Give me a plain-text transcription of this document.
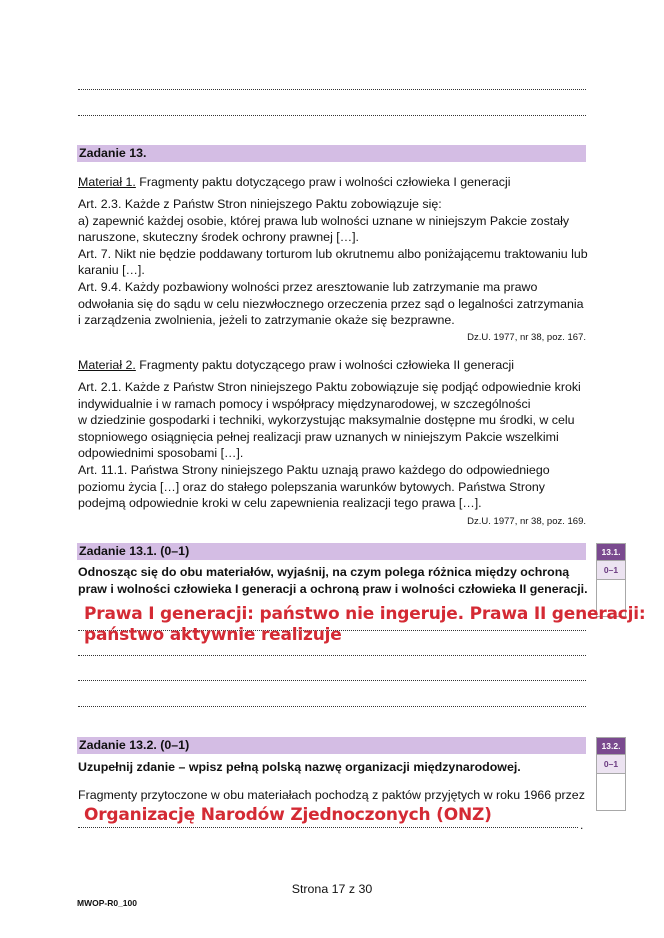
Zadanie 13.
Materiał 1. Fragmenty paktu dotyczącego praw i wolności człowieka I generacji
Art. 2.3. Każde z Państw Stron niniejszego Paktu zobowiązuje się:
a) zapewnić każdej osobie, której prawa lub wolności uznane w niniejszym Pakcie zostały
naruszone, skuteczny środek ochrony prawnej […].
Art. 7. Nikt nie będzie poddawany torturom lub okrutnemu albo poniżającemu traktowaniu lub
karaniu […].
Art. 9.4. Każdy pozbawiony wolności przez aresztowanie lub zatrzymanie ma prawo
odwołania się do sądu w celu niezwłocznego orzeczenia przez sąd o legalności zatrzymania
i zarządzenia zwolnienia, jeżeli to zatrzymanie okaże się bezprawne.
Dz.U. 1977, nr 38, poz. 167.
Materiał 2. Fragmenty paktu dotyczącego praw i wolności człowieka II generacji
Art. 2.1. Każde z Państw Stron niniejszego Paktu zobowiązuje się podjąć odpowiednie kroki
indywidualnie i w ramach pomocy i współpracy międzynarodowej, w szczególności
w dziedzinie gospodarki i techniki, wykorzystując maksymalnie dostępne mu środki, w celu
stopniowego osiągnięcia pełnej realizacji praw uznanych w niniejszym Pakcie wszelkimi
odpowiednimi sposobami […].
Art. 11.1. Państwa Strony niniejszego Paktu uznają prawo każdego do odpowiedniego
poziomu życia […] oraz do stałego polepszania warunków bytowych. Państwa Strony
podejmą odpowiednie kroki w celu zapewnienia realizacji tego prawa […].
Dz.U. 1977, nr 38, poz. 169.
Zadanie 13.1. (0–1)
Odnosząc się do obu materiałów, wyjaśnij, na czym polega różnica między ochroną
praw i wolności człowieka I generacji a ochroną praw i wolności człowieka II generacji.
13.1.
0–1
Prawa I generacji: państwo nie ingeruje. Prawa II generacji:
państwo aktywnie realizuje
Zadanie 13.2. (0–1)
Uzupełnij zdanie – wpisz pełną polską nazwę organizacji międzynarodowej.
13.2.
0–1
Fragmenty przytoczone w obu materiałach pochodzą z paktów przyjętych w roku 1966 przez
.
Organizację Narodów Zjednoczonych (ONZ)
Strona 17 z 30
MWOP-R0_100
